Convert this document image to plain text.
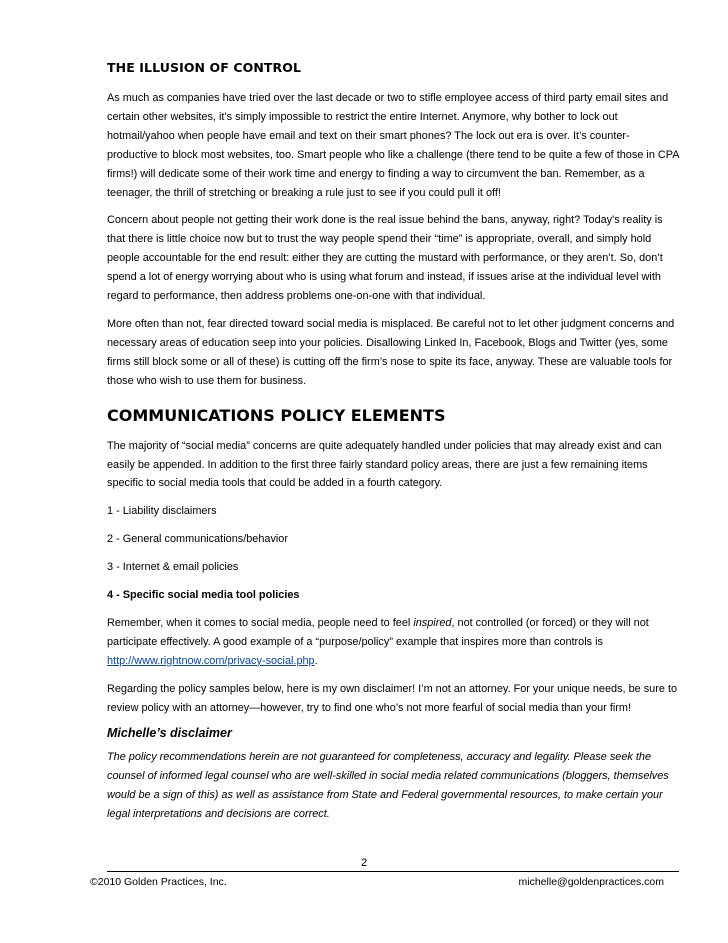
THE ILLUSION OF CONTROL

As much as companies have tried over the last decade or two to stifle employee access of third party email sites and certain other websites, it’s simply impossible to restrict the entire Internet. Anymore, why bother to lock out hotmail/yahoo when people have email and text on their smart phones? The lock out era is over. It’s counter-productive to block most websites, too. Smart people who like a challenge (there tend to be quite a few of those in CPA firms!) will dedicate some of their work time and energy to finding a way to circumvent the ban. Remember, as a teenager, the thrill of stretching or breaking a rule just to see if you could pull it off!

Concern about people not getting their work done is the real issue behind the bans, anyway, right? Today's reality is that there is little choice now but to trust the way people spend their “time” is appropriate, overall, and simply hold people accountable for the end result: either they are cutting the mustard with performance, or they aren’t. So, don’t spend a lot of energy worrying about who is using what forum and instead, if issues arise at the individual level with regard to performance, then address problems one-on-one with that individual.

More often than not, fear directed toward social media is misplaced. Be careful not to let other judgment concerns and necessary areas of education seep into your policies. Disallowing Linked In, Facebook, Blogs and Twitter (yes, some firms still block some or all of these) is cutting off the firm’s nose to spite its face, anyway. These are valuable tools for those who wish to use them for business.

COMMUNICATIONS POLICY ELEMENTS

The majority of “social media” concerns are quite adequately handled under policies that may already exist and can easily be appended. In addition to the first three fairly standard policy areas, there are just a few remaining items specific to social media tools that could be added in a fourth category.

1 - Liability disclaimers

2 - General communications/behavior

3 - Internet & email policies

4 - Specific social media tool policies

Remember, when it comes to social media, people need to feel inspired, not controlled (or forced) or they will not participate effectively. A good example of a “purpose/policy” example that inspires more than controls is http://www.rightnow.com/privacy-social.php.

Regarding the policy samples below, here is my own disclaimer! I’m not an attorney. For your unique needs, be sure to review policy with an attorney—however, try to find one who’s not more fearful of social media than your firm!

Michelle’s disclaimer

The policy recommendations herein are not guaranteed for completeness, accuracy and legality. Please seek the counsel of informed legal counsel who are well-skilled in social media related communications (bloggers, themselves would be a sign of this) as well as assistance from State and Federal governmental resources, to make certain your legal interpretations and decisions are correct.

2
©2010 Golden Practices, Inc.	michelle@goldenpractices.com
